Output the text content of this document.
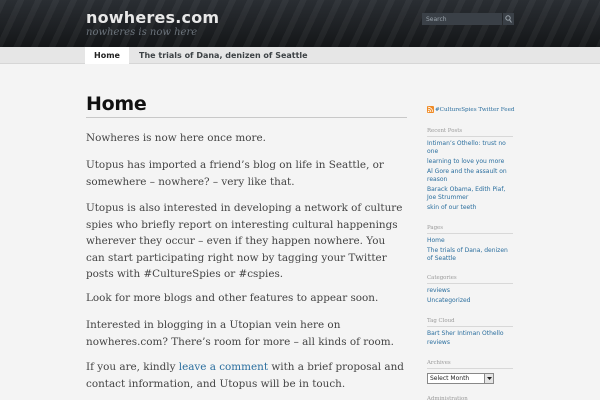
nowheres.com
nowheres is now here
Search
Home	The trials of Dana, denizen of Seattle
Home

Nowheres is now here once more.

Utopus has imported a friend’s blog on life in Seattle, or somewhere – nowhere? – very like that.

Utopus is also interested in developing a network of culture spies who briefly report on interesting cultural happenings wherever they occur – even if they happen nowhere. You can start participating right now by tagging your Twitter posts with #CultureSpies or #cspies.

Look for more blogs and other features to appear soon.

Interested in blogging in a Utopian vein here on nowheres.com? There’s room for more – all kinds of room.

If you are, kindly leave a comment with a brief proposal and contact information, and Utopus will be in touch.

#CultureSpies Twitter Feed
Recent Posts
Intiman’s Othello: trust no one
learning to love you more
Al Gore and the assault on reason
Barack Obama, Edith Piaf, Joe Strummer
skin of our teeth
Pages
Home
The trials of Dana, denizen of Seattle
Categories
reviews
Uncategorized
Tag Cloud
Bart Sher Intiman Othello
reviews
Archives
Select Month
Administration
